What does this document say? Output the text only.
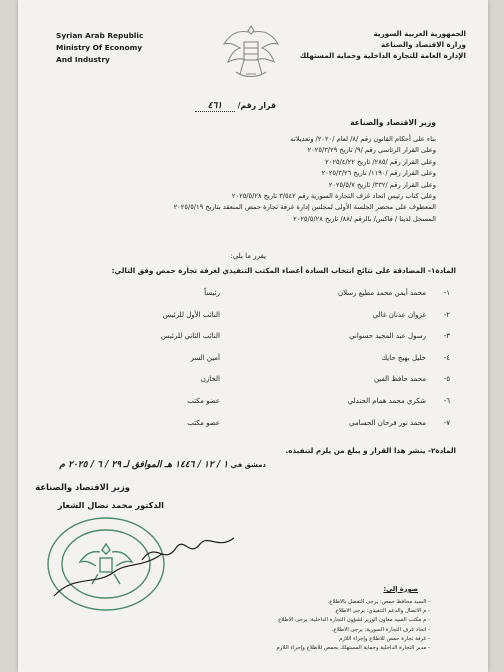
Syrian Arab Republic
Ministry Of Economy
And Industry
الجمهورية العربية السورية
وزارة الاقتصاد والصناعة
الإدارة العامة للتجارة الداخلية وحماية المستهلك
قرار رقم/ ٤٦١
وزير الاقتصاد والصناعة
بناء على أحكام القانون رقم /٨/ لعام /٢٠٢٠/ وتعديلاته
وعلى القرار الرئاسي رقم /٩/ تاريخ ٢٠٢٥/٣/٢٩
وعلى القرار رقم /٢٨٥/ تاريخ ٢٠٢٥/٤/٢٢
وعلى القرار رقم /١١٩٠/ تاريخ ٢٠٢٥/٣/٢٦
وعلى القرار رقم /٣٣٢/ تاريخ ٢٠٢٥/٥/٧
وعلى كتاب رئيس اتحاد غرف التجارة السورية رقم ٣/٥٤٢ تاريخ ٢٠٢٥/٥/٢٨
المعطوف على محضر الجلسة الأولى لمجلس إدارة غرفة تجارة حمص المنعقد بتاريخ ٢٠٢٥/٥/١٩
المسجل لدينا / فاكس/ بالرقم /٨٨/ تاريخ ٢٠٢٥/٥/٢٨
يقرر ما يلي:
المادة١- المصادقة على نتائج انتخاب السادة أعضاء المكتب التنفيذي لغرفة تجارة حمص وفق التالي:
١-
محمد أيمن محمد مطيع رسلان
رئيساً
٢-
غزوان عدنان غالي
النائب الأول للرئيس
٣-
رسول عبد المجيد حسواني
النائب الثاني للرئيس
٤-
خليل بهيج حايك
أمين السر
٥-
محمد حافظ الفين
الخازن
٦-
شكري محمد همام الجندلي
عضو مكتب
٧-
محمد نور فرحان الحسامي
عضو مكتب
المادة٢- ينشر هذا القرار و يبلغ من يلزم لتنفيذه.
دمشق في ١ / ١٢ / ١٤٤٦ هـ الموافق لـ ٢٩ / ٦ / ٢٠٢٥ م
وزير الاقتصاد والصناعة
الدكتور محمد نضال الشعار
صورة إلى:
- السيد محافظ حمص: يرجى التفضل بالاطلاع.
- م الاتصال والدعم التنفيذي: يرجى الاطلاع
- م مكتب السيد معاون الوزير لشؤون التجارة الداخلية: يرجى الاطلاع
- اتحاد غرف التجارة السورية: يرجى الاطلاع.
- غرفة تجارة حمص للاطلاع وإجراء اللازم
- مدير التجارة الداخلية وحماية المستهلك بحمص للاطلاع وإجراء اللازم
